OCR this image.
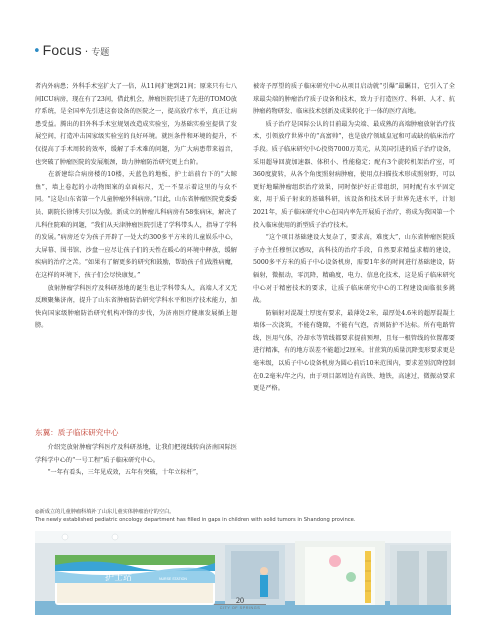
• Focus · 专题

者内外病患；外科手术室扩大了一倍，从11间扩建到21间；原来只有七八间ICU病房，现在有了23间，借此机会，肿瘤医院引进了先进的TOMO放疗系统，是全国率先引进这套设备的医院之一，提高放疗水平，真正让病患受益。腾出的旧外科手术室规划改造成实验室，为基础实验室提供了发展空间，打造冲击国家级实验室的良好环境。就医条件和环境的提升，不仅提高了手术周转的效率，缓解了手术难的问题，为广大病患带来福音，也突破了肿瘤医院的发展瓶颈，助力肿瘤防治研究更上台阶。

　　在新建综合病房楼的10楼，天蓝色的地板，护士站前台下的“大鲸鱼”，墙上卷起的小动物图案的卓面标尺，无一不显示着这里的与众不同。“这是山东省第一个儿童肿瘤外科病房。”目此，山东省肿瘤医院党委委员、副院长徐博夫引以为傲。新成立的肿瘤儿科病房有58张病床，解决了儿科住院难的问题，“我们从天津肿瘤医院引进了学科带头人，指导了学科的发展。”病房还专为孩子开辟了一处大约300多平方米的儿童娱乐中心，大屏幕、围书馆、沙盘一应尽让孩子们的天性在暖心的环境中释放，缓解疾病的治疗之苦。“如果有了解更多的研究和鼓励，帮助孩子们战胜病魔，在这样的环境下，孩子们会尽快康复。”

　　放射肿瘤学科医疗及科研基地的诞生也让学科带头人，高端人才又无反顾聚集济南，提升了山东省肿瘤防治研究学科水平和医疗技术能力，加快向国家级肿瘤防治研究机构冲锋的步伐，为济南医疗健康发展插上翅膀。

东翼：质子临床研究中心

　　介绍完放射肿瘤学科医疗及科研基地，让我们把视线转向济南国际医学科学中心的“一号工程”质子临床研究中心。

　　“一年有看头，三年见成效，五年有突破，十年立标杆”，

被寄予厚望的质子临床研究中心从项目启动就“引爆”最瞩目，它引入了全球最尖端的肿瘤治疗质子设备和技术，致力于打造医疗、科研、人才、抗肿瘤药物研发、临床技术创新及成果转化于一体的医疗高地。

　　质子治疗是国际公认的目前最为尖端、最成熟的高端肿瘤放射治疗技术，引领放疗世界中的“高富帅”，也是放疗领域皇冠和可或缺的临床治疗手段。质子临床研究中心投资7000万美元，从美国引进的质子治疗设备，采用超导回旋加速器、体积小、性能稳定；配有3个旋转机架治疗室，可360度旋转，从各个角度照射病肿瘤，使用点扫描技术形成照射野，可以更好地瞄肿瘤组织治疗效果，同时保护好正常组织，同时配有水平固定束，用于质子射束的基础科研，该设备和技术居于世界先进水平，计划2021年，质子临床研究中心在国内率先开展质子治疗，将成为我国第一个投入临床使用的新型质子治疗技术。

　　“这个项目基础建设大复杂了，要求高，难度大”，山东省肿瘤医院质子办主任穆恒汉感叹，高科技的治疗手段，自然要求精益求精的建设，5000多平方米的质子中心设备机房，需要1年多的时间进行基础建设，防辐射，微振动，零沉降，精确度，电力、信息化技术，这是质子临床研究中心对于精密技术的要求，让质子临床研究中心的工程建设面临很多挑战。

　　防辐射对混凝土厚度有要求，最薄处2米，最厚处4.6米的超厚混凝土墙体一次浇筑，不能有缝隙，不能有气泡，否则防护不达标。所有电路管线，医用气体，冷却水等管线都要求提前预埋，且每一根管线的位置都要进行精准，有的地方误差不能超过2厘米。甘蔗筑的质量沉降变形要求更是毫米级，以质子中心设备机房为圆心前后10米范围内，要求差别沉降控制在0.2毫米/年之内，由于项目部周边有高铁、地铁，高速过，微振动要求更是严格。

◎新成立的儿童肿瘤科填补了山东儿童实体肿瘤治疗的空白。
The newly established pediatric oncology department has filled in gaps in children with solid tumors in Shandong province.
护士站	NURSE STATION
20
CITY OF SPRINGS
